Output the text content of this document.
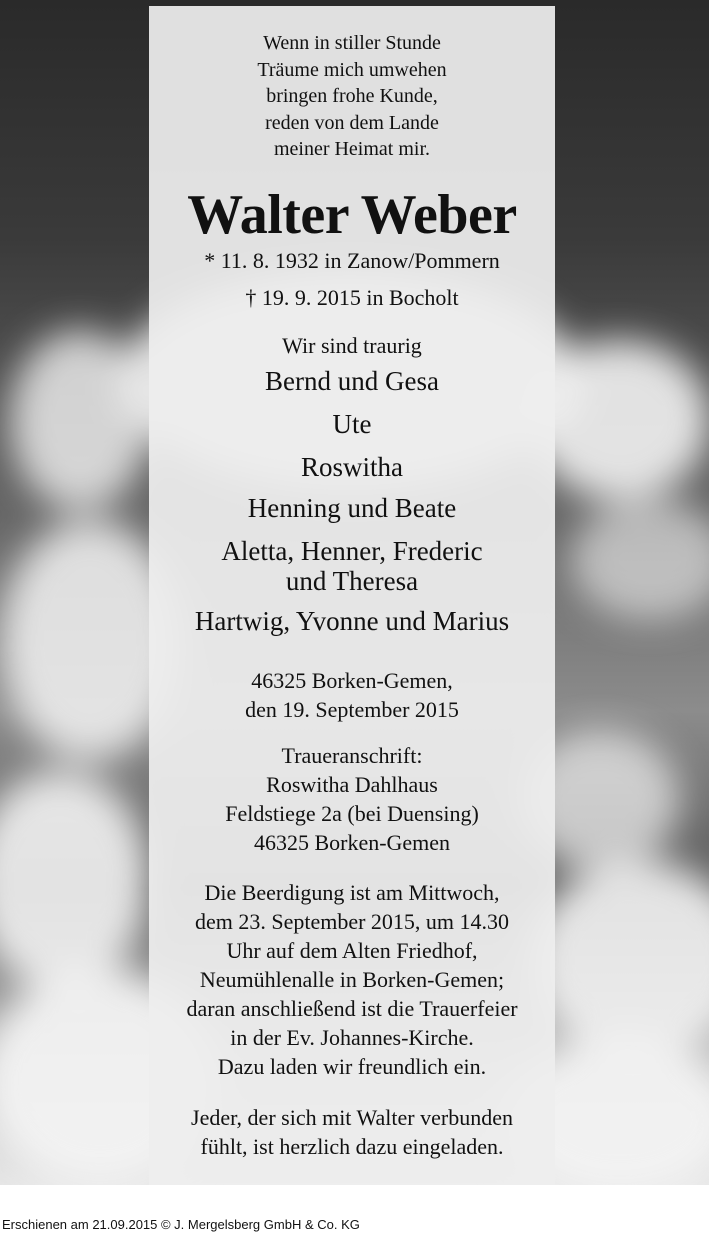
Wenn in stiller Stunde
Träume mich umwehen
bringen frohe Kunde,
reden von dem Lande
meiner Heimat mir.

Walter Weber

* 11. 8. 1932 in Zanow/Pommern

† 19. 9. 2015 in Bocholt

Wir sind traurig

Bernd und Gesa

Ute

Roswitha

Henning und Beate

Aletta, Henner, Frederic
und Theresa

Hartwig, Yvonne und Marius

46325 Borken-Gemen,
den 19. September 2015

Traueranschrift:
Roswitha Dahlhaus
Feldstiege 2a (bei Duensing)
46325 Borken-Gemen

Die Beerdigung ist am Mittwoch,
dem 23. September 2015, um 14.30
Uhr auf dem Alten Friedhof,
Neumühlenalle in Borken-Gemen;
daran anschließend ist die Trauerfeier
in der Ev. Johannes-Kirche.
Dazu laden wir freundlich ein.

Jeder, der sich mit Walter verbunden
fühlt, ist herzlich dazu eingeladen.

Erschienen am 21.09.2015 © J. Mergelsberg GmbH & Co. KG
